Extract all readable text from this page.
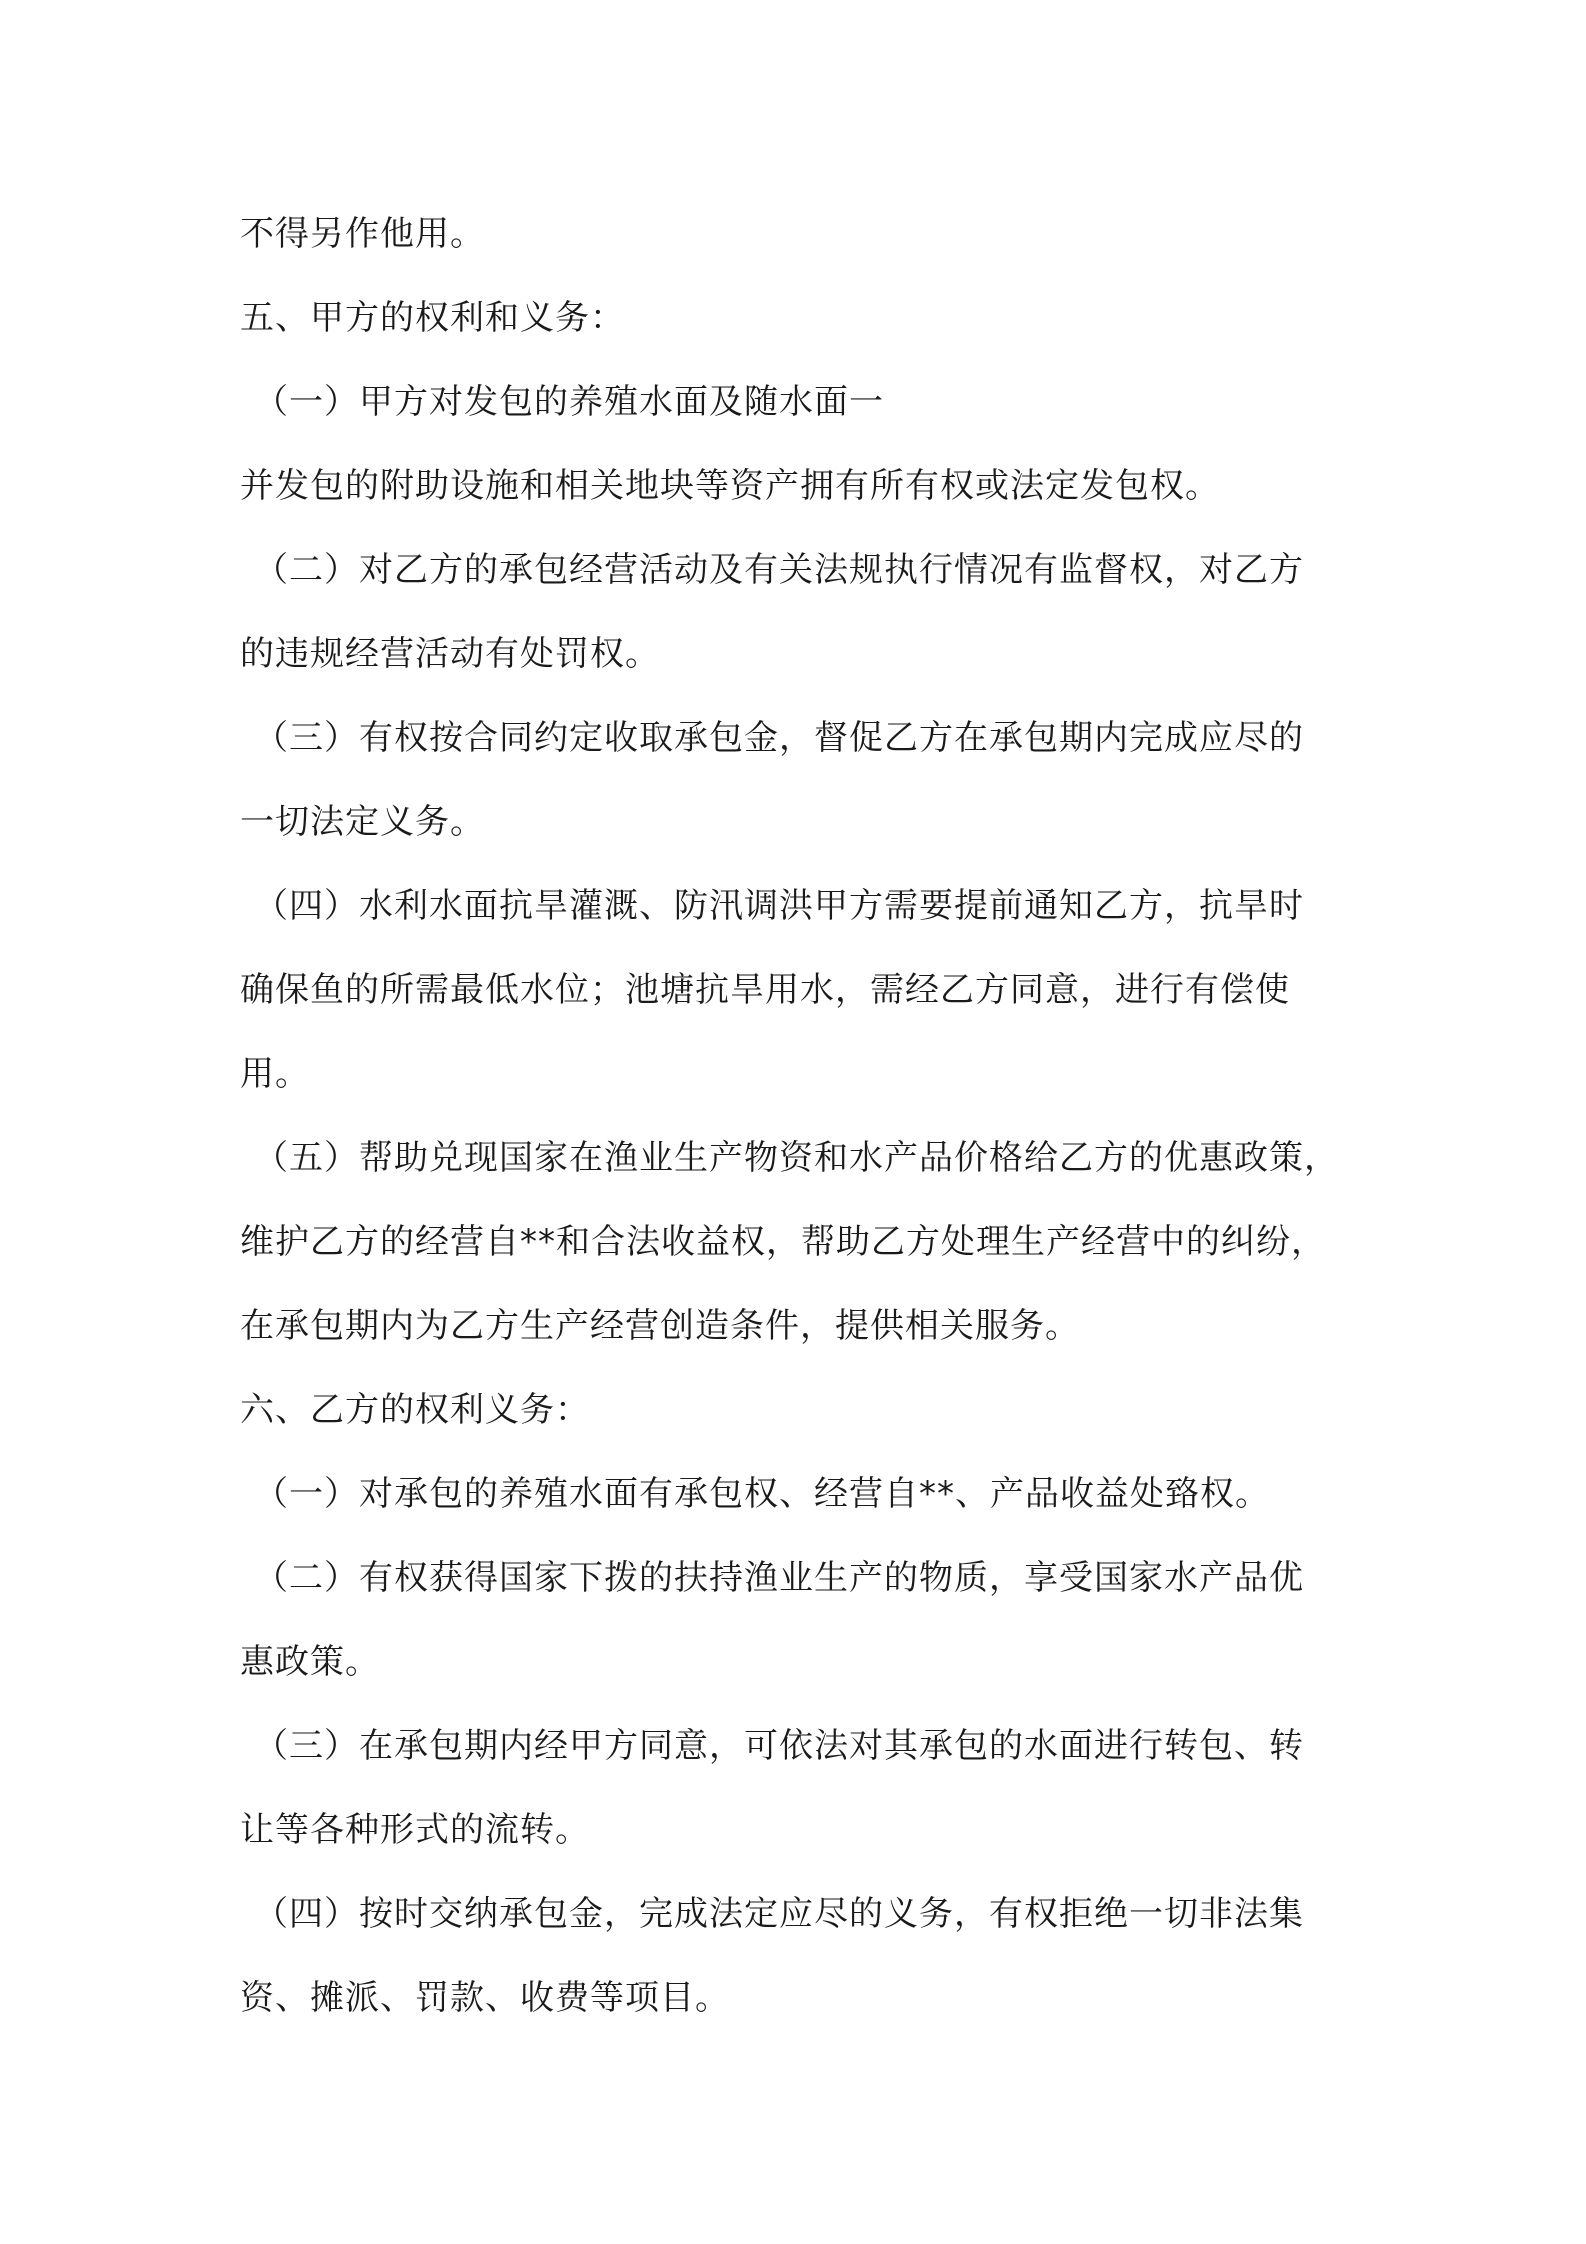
不得另作他用。
五、甲方的权利和义务：
（一）甲方对发包的养殖水面及随水面一
并发包的附助设施和相关地块等资产拥有所有权或法定发包权。
（二）对乙方的承包经营活动及有关法规执行情况有监督权，对乙方
的违规经营活动有处罚权。
（三）有权按合同约定收取承包金，督促乙方在承包期内完成应尽的
一切法定义务。
（四）水利水面抗旱灌溉、防汛调洪甲方需要提前通知乙方，抗旱时
确保鱼的所需最低水位；池塘抗旱用水，需经乙方同意，进行有偿使
用。
（五）帮助兑现国家在渔业生产物资和水产品价格给乙方的优惠政策，
维护乙方的经营自**和合法收益权，帮助乙方处理生产经营中的纠纷，
在承包期内为乙方生产经营创造条件，提供相关服务。
六、乙方的权利义务：
（一）对承包的养殖水面有承包权、经营自**、产品收益处臵权。
（二）有权获得国家下拨的扶持渔业生产的物质，享受国家水产品优
惠政策。
（三）在承包期内经甲方同意，可依法对其承包的水面进行转包、转
让等各种形式的流转。
（四）按时交纳承包金，完成法定应尽的义务，有权拒绝一切非法集
资、摊派、罚款、收费等项目。
